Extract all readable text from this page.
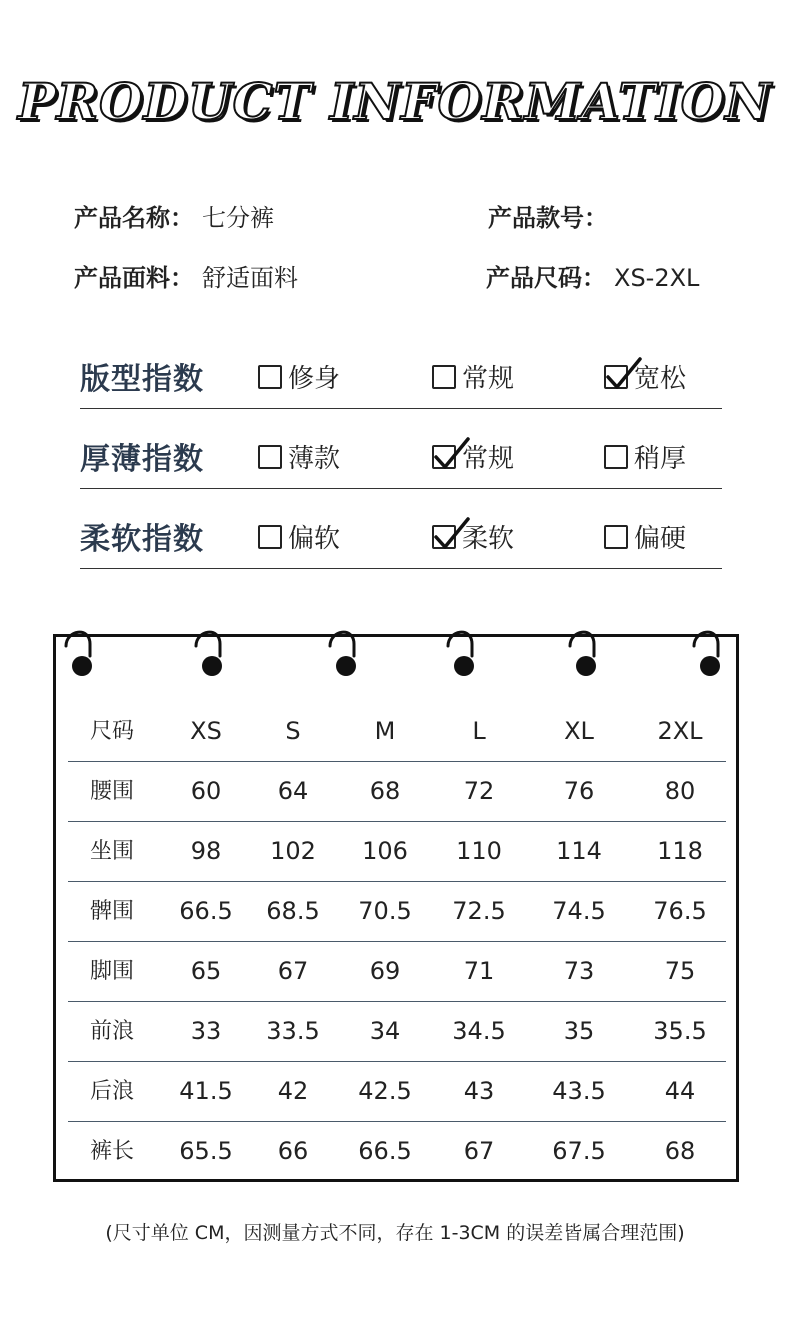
PRODUCT INFORMATION
产品名称： 七分裤	产品款号：
产品面料： 舒适面料	产品尺码： XS-2XL
版型指数	修身	常规	宽松
厚薄指数	薄款	常规	稍厚
柔软指数	偏软	柔软	偏硬
尺码 XS	S	M	L	XL	2XL
腰围 60 64	68	72	76	80
坐围 98 102 106 110 114 118
髀围 66.5 68.5 70.5 72.5 74.5 76.5
脚围 65 67	69	71	73	75
前浪 33 33.5 34 34.5 35 35.5
后浪 41.5 42 42.5 43 43.5 44
裤长 65.5 66 66.5 67 67.5 68
(尺寸单位 CM，因测量方式不同，存在 1-3CM 的误差皆属合理范围)
